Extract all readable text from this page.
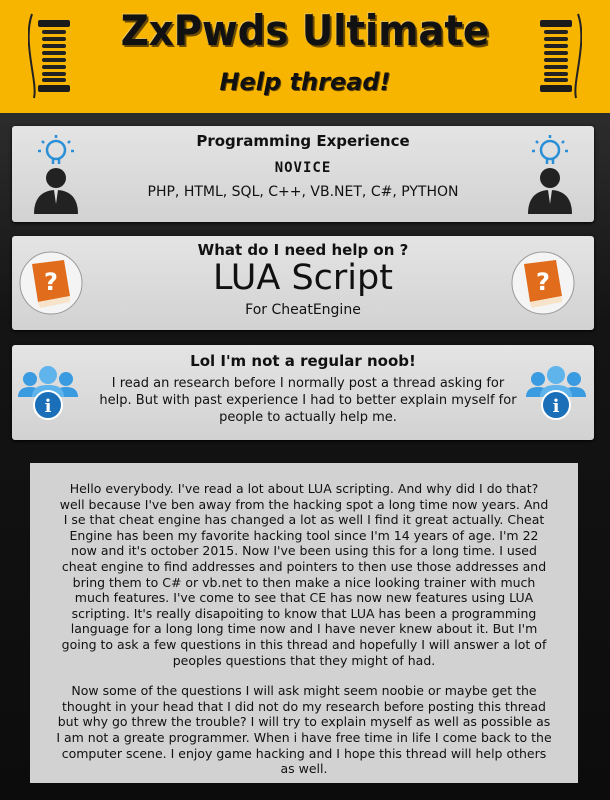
ZxPwds Ultimate
Help thread!
Programming Experience
NOVICE
PHP, HTML, SQL, C++, VB.NET, C#, PYTHON
?
What do I need help on ?
LUA Script
For CheatEngine
?
i
Lol I'm not a regular noob!
I read an research before I normally post a thread asking for help. But with past experience I had to better explain myself for people to actually help me.
i

Hello everybody. I've read a lot about LUA scripting. And why did I do that? well because I've ben away from the hacking spot a long time now years. And I se that cheat engine has changed a lot as well I find it great actually. Cheat Engine has been my favorite hacking tool since I'm 14 years of age. I'm 22 now and it's october 2015. Now I've been using this for a long time. I used cheat engine to find addresses and pointers to then use those addresses and bring them to C# or vb.net to then make a nice looking trainer with much much features. I've come to see that CE has now new features using LUA scripting. It's really disapoiting to know that LUA has been a programming language for a long long time now and I have never knew about it. But I'm going to ask a few questions in this thread and hopefully I will answer a lot of peoples questions that they might of had.

Now some of the questions I will ask might seem noobie or maybe get the thought in your head that I did not do my research before posting this thread but why go threw the trouble? I will try to explain myself as well as possible as I am not a greate programmer. When i have free time in life I come back to the computer scene. I enjoy game hacking and I hope this thread will help others as well.
